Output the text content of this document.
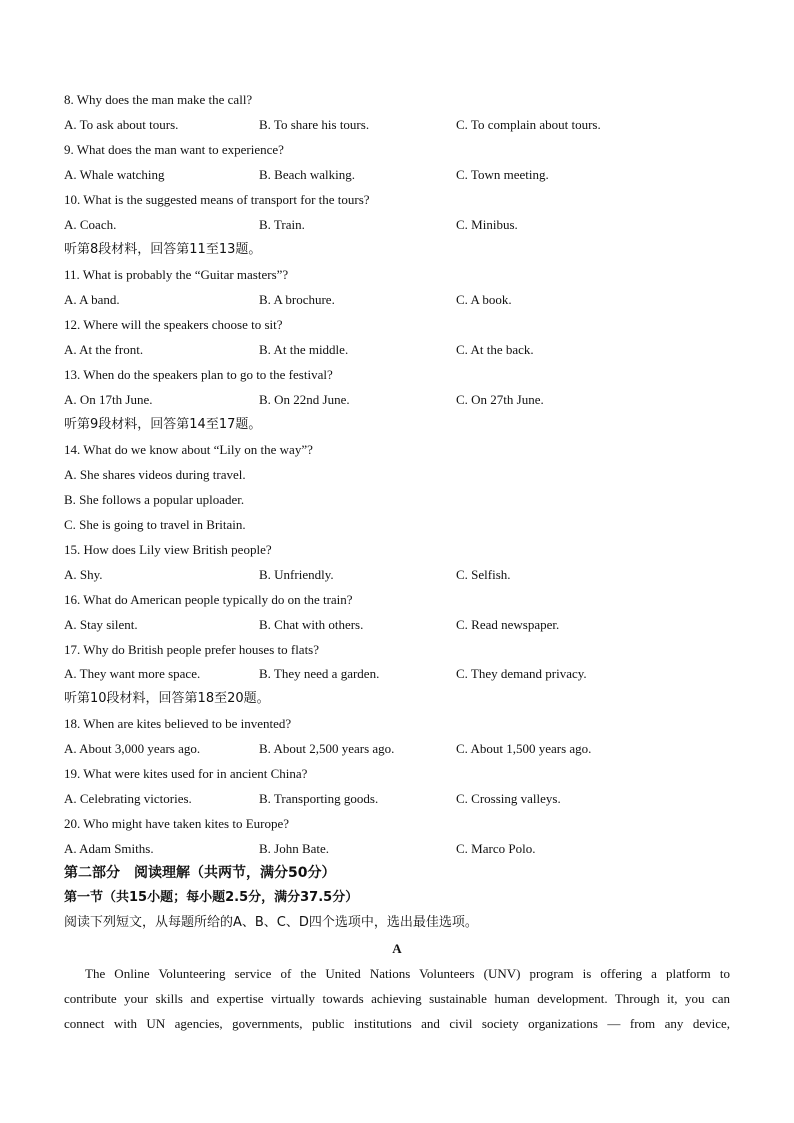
8. Why does the man make the call?
A. To ask about tours.	B. To share his tours.	C. To complain about tours.
9. What does the man want to experience?
A. Whale watching	B. Beach walking.	C. Town meeting.
10. What is the suggested means of transport for the tours?
A. Coach.	B. Train.	C. Minibus.
听第8段材料，回答第11至13题。
11. What is probably the “Guitar masters”?
A. A band.	B. A brochure.	C. A book.
12. Where will the speakers choose to sit?
A. At the front.	B. At the middle.	C. At the back.
13. When do the speakers plan to go to the festival?
A. On 17th June.	B. On 22nd June.	C. On 27th June.
听第9段材料，回答第14至17题。
14. What do we know about “Lily on the way”?
A. She shares videos during travel.
B. She follows a popular uploader.
C. She is going to travel in Britain.
15. How does Lily view British people?
A. Shy.	B. Unfriendly.	C. Selfish.
16. What do American people typically do on the train?
A. Stay silent.	B. Chat with others.	C. Read newspaper.
17. Why do British people prefer houses to flats?
A. They want more space.	B. They need a garden.	C. They demand privacy.
听第10段材料，回答第18至20题。
18. When are kites believed to be invented?
A. About 3,000 years ago.	B. About 2,500 years ago.	C. About 1,500 years ago.
19. What were kites used for in ancient China?
A. Celebrating victories.	B. Transporting goods.	C. Crossing valleys.
20. Who might have taken kites to Europe?
A. Adam Smiths.	B. John Bate.	C. Marco Polo.
第二部分　阅读理解（共两节，满分50分）
第一节（共15小题；每小题2.5分，满分37.5分）
阅读下列短文，从每题所给的A、B、C、D四个选项中，选出最佳选项。
A
The Online Volunteering service of the United Nations Volunteers (UNV) program is offering a platform to
contribute your skills and expertise virtually towards achieving sustainable human development. Through it, you can
connect with UN agencies, governments, public institutions and civil society organizations — from any device,
